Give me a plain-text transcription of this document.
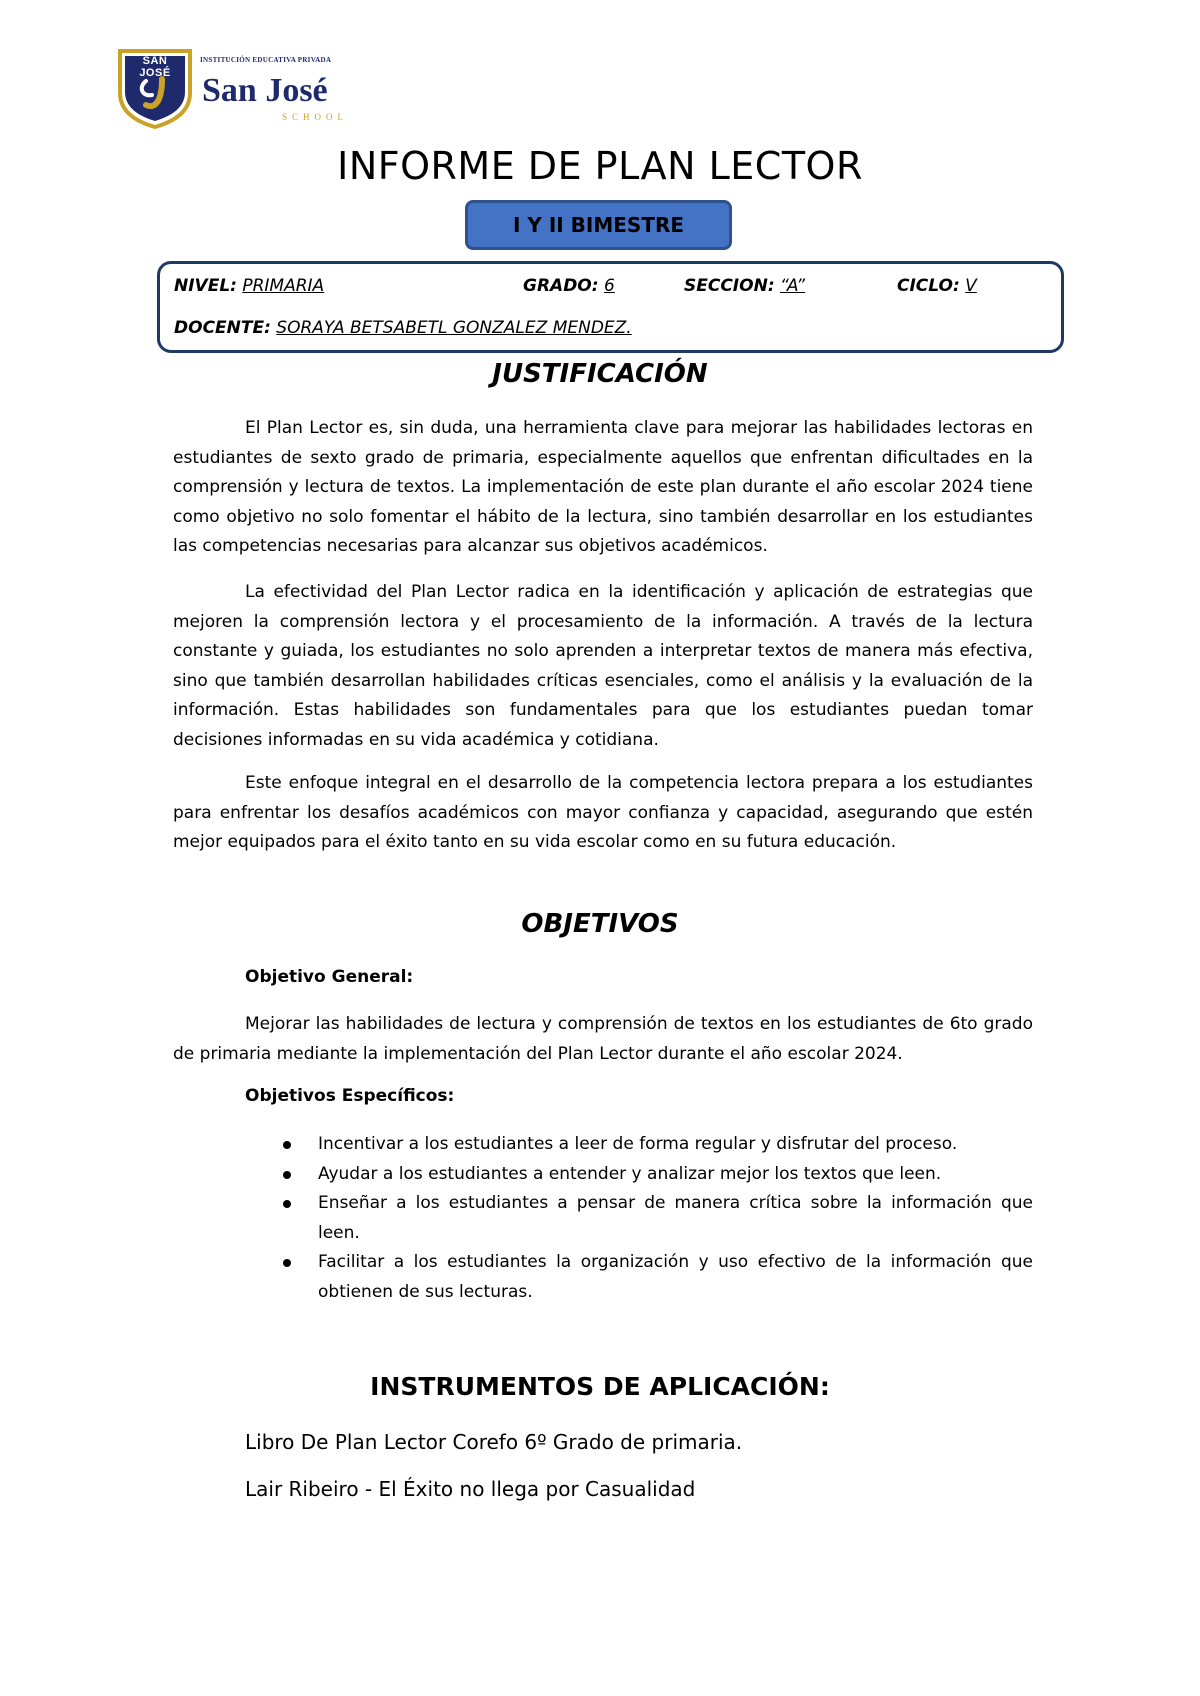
SAN JOSÉ
INSTITUCIÓN EDUCATIVA PRIVADA
San José
SCHOOL
INFORME DE PLAN LECTOR
I Y II BIMESTRE
NIVEL: PRIMARIA	GRADO: 6	SECCION: “A”	CICLO: V
DOCENTE: SORAYA BETSABETL GONZALEZ MENDEZ.
JUSTIFICACIÓN

El Plan Lector es, sin duda, una herramienta clave para mejorar las habilidades lectoras en estudiantes de sexto grado de primaria, especialmente aquellos que enfrentan dificultades en la comprensión y lectura de textos. La implementación de este plan durante el año escolar 2024 tiene como objetivo no solo fomentar el hábito de la lectura, sino también desarrollar en los estudiantes las competencias necesarias para alcanzar sus objetivos académicos.

La efectividad del Plan Lector radica en la identificación y aplicación de estrategias que mejoren la comprensión lectora y el procesamiento de la información. A través de la lectura constante y guiada, los estudiantes no solo aprenden a interpretar textos de manera más efectiva, sino que también desarrollan habilidades críticas esenciales, como el análisis y la evaluación de la información. Estas habilidades son fundamentales para que los estudiantes puedan tomar decisiones informadas en su vida académica y cotidiana.

Este enfoque integral en el desarrollo de la competencia lectora prepara a los estudiantes para enfrentar los desafíos académicos con mayor confianza y capacidad, asegurando que estén mejor equipados para el éxito tanto en su vida escolar como en su futura educación.

OBJETIVOS
Objetivo General:

Mejorar las habilidades de lectura y comprensión de textos en los estudiantes de 6to grado de primaria mediante la implementación del Plan Lector durante el año escolar 2024.

Objetivos Específicos:
Incentivar a los estudiantes a leer de forma regular y disfrutar del proceso.
Ayudar a los estudiantes a entender y analizar mejor los textos que leen.
Enseñar a los estudiantes a pensar de manera crítica sobre la información que leen.
Facilitar a los estudiantes la organización y uso efectivo de la información que obtienen de sus lecturas.
INSTRUMENTOS DE APLICACIÓN:
Libro De Plan Lector Corefo 6º Grado de primaria.
Lair Ribeiro - El Éxito no llega por Casualidad
